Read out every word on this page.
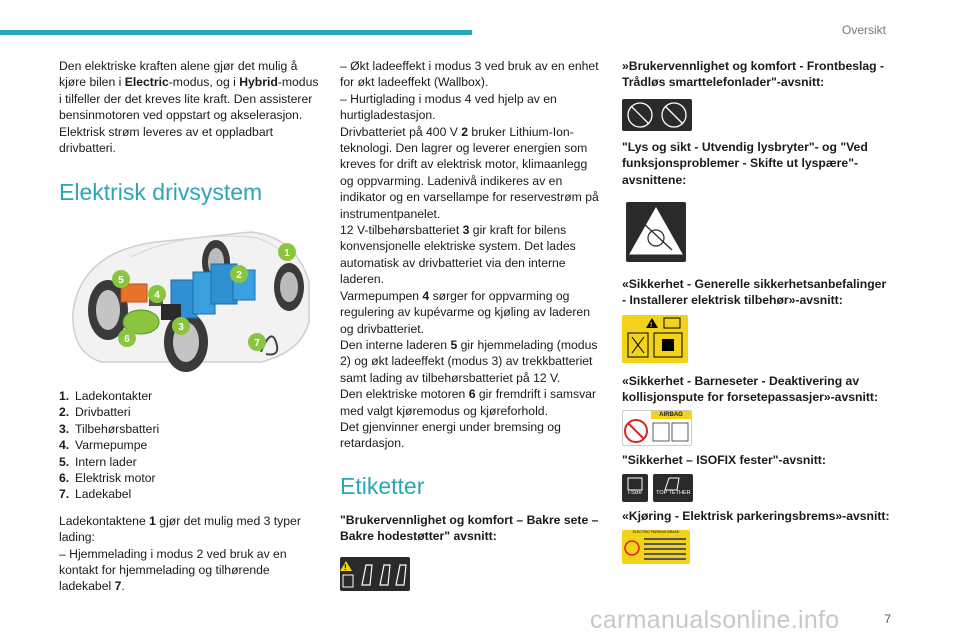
Oversikt

Den elektriske kraften alene gjør det mulig å kjøre bilen i Electric-modus, og i Hybrid-modus i tilfeller der det kreves lite kraft. Den assisterer bensinmotoren ved oppstart og akselerasjon. Elektrisk strøm leveres av et oppladbart drivbatteri.

Elektrisk drivsystem
1
2
3
4
5
6	7
1. Ladekontakter
2. Drivbatteri
3. Tilbehørsbatteri
4. Varmepumpe
5. Intern lader
6. Elektrisk motor
7. Ladekabel

Ladekontaktene 1 gjør det mulig med 3 typer lading:
– Hjemmelading i modus 2 ved bruk av en kontakt for hjemmelading og tilhørende ladekabel 7.

– Økt ladeeffekt i modus 3 ved bruk av en enhet for økt ladeeffekt (Wallbox).

– Hurtiglading i modus 4 ved hjelp av en hurtigladestasjon.

Drivbatteriet på 400 V 2 bruker Lithium-Ion-teknologi. Den lagrer og leverer energien som kreves for drift av elektrisk motor, klimaanlegg og oppvarming. Ladenivå indikeres av en indikator og en varsellampe for reservestrøm på instrumentpanelet.

12 V-tilbehørsbatteriet 3 gir kraft for bilens konvensjonelle elektriske system. Det lades automatisk av drivbatteriet via den interne laderen.

Varmepumpen 4 sørger for oppvarming og regulering av kupévarme og kjøling av laderen og drivbatteriet.

Den interne laderen 5 gir hjemmelading (modus 2) og økt ladeeffekt (modus 3) av trekkbatteriet samt lading av tilbehørsbatteriet på 12 V.

Den elektriske motoren 6 gir fremdrift i samsvar med valgt kjøremodus og kjøreforhold.

Det gjenvinner energi under bremsing og retardasjon.

Etiketter

"Brukervennlighet og komfort – Bakre sete – Bakre hodestøtter" avsnitt:

!

»Brukervennlighet og komfort - Frontbeslag - Trådløs smarttelefonlader"-avsnitt:

"Lys og sikt - Utvendig lysbryter"- og "Ved funksjonsproblemer - Skifte ut lyspære"-avsnittene:

«Sikkerhet - Generelle sikkerhetsanbefalinger - Installerer elektrisk tilbehør»-avsnitt:

!

«Sikkerhet - Barneseter - Deaktivering av kollisjonspute for forsetepassasjer»-avsnitt:

AIRBAG

"Sikkerhet – ISOFIX fester"-avsnitt:

i-Size
	TOP TETHER

«Kjøring - Elektrisk parkeringsbrems»-avsnitt:

ELECTRIC PARKING BRAKE
carmanualsonline.info	7
